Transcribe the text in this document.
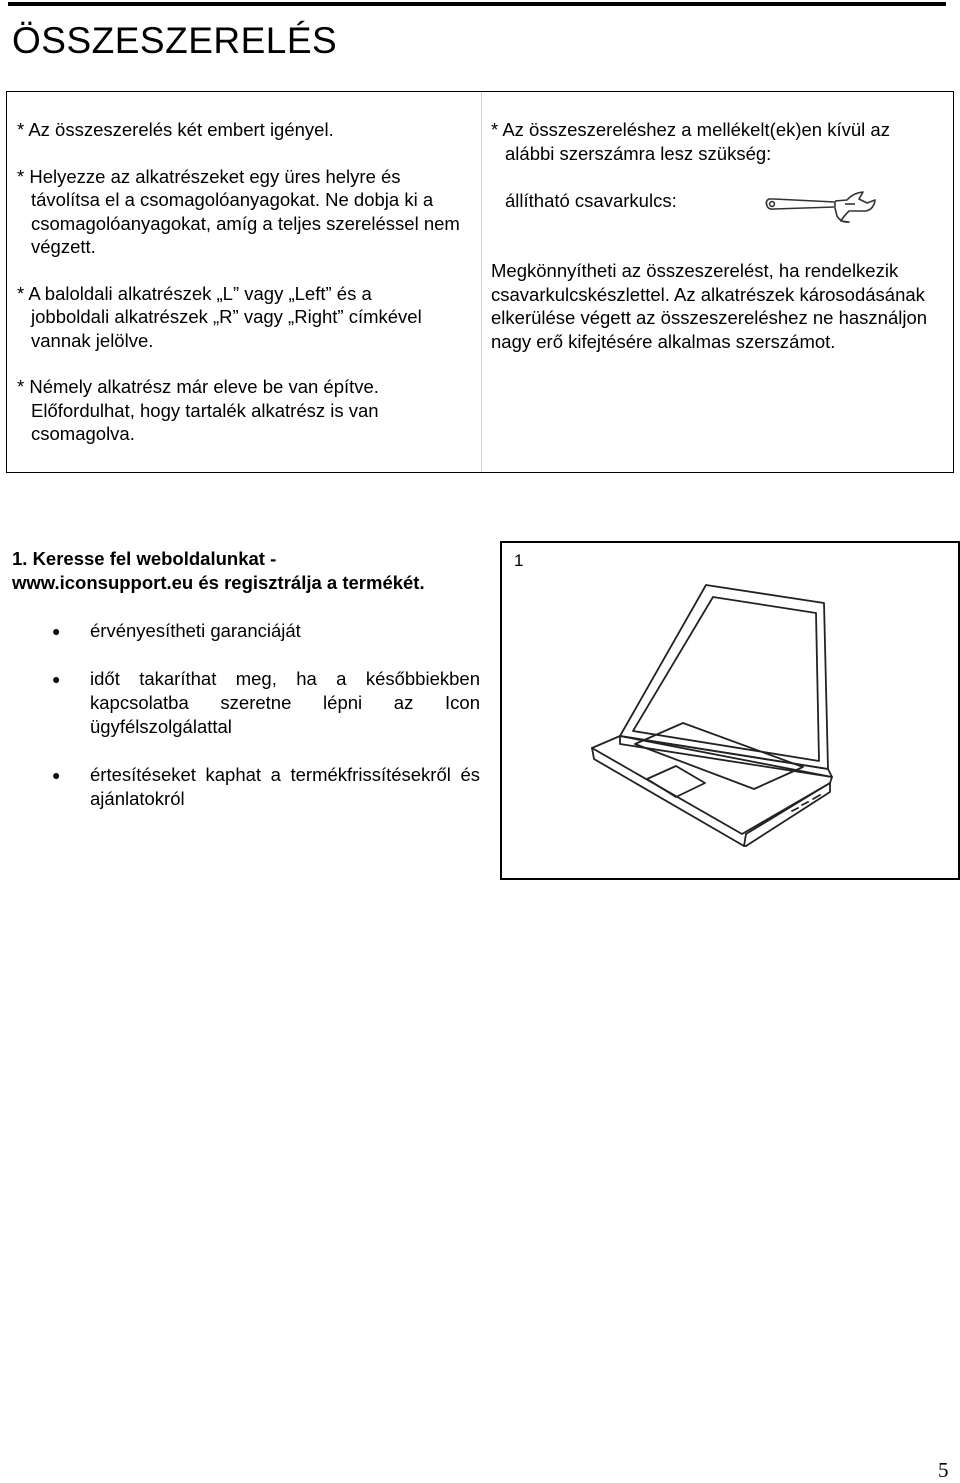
ÖSSZESZERELÉS

* Az összeszerelés két embert igényel.

* Helyezze az alkatrészeket egy üres helyre és

távolítsa el a csomagolóanyagokat. Ne dobja ki a csomagolóanyagokat, amíg a teljes szereléssel nem végzett.

* A baloldali alkatrészek „L” vagy „Left” és a

jobboldali alkatrészek „R” vagy „Right” címkével vannak jelölve.

* Némely alkatrész már eleve be van építve.

Előfordulhat, hogy tartalék alkatrész is van csomagolva.

* Az összeszereléshez a mellékelt(ek)en kívül az
alábbi szerszámra lesz szükség:
állítható csavarkulcs:
Megkönnyítheti az összeszerelést, ha rendelkezik csavarkulcskészlettel. Az alkatrészek károsodásának elkerülése végett az összeszereléshez ne használjon nagy erő kifejtésére alkalmas szerszámot.
1. Keresse fel weboldalunkat -
www.iconsupport.eu és regisztrálja a termékét.
● érvényesítheti garanciáját
● időt takaríthat meg, ha a későbbiekben kapcsolatba szeretne lépni az Icon ügyfélszolgálattal
● értesítéseket kaphat a termékfrissítésekről és ajánlatokról
1
5
